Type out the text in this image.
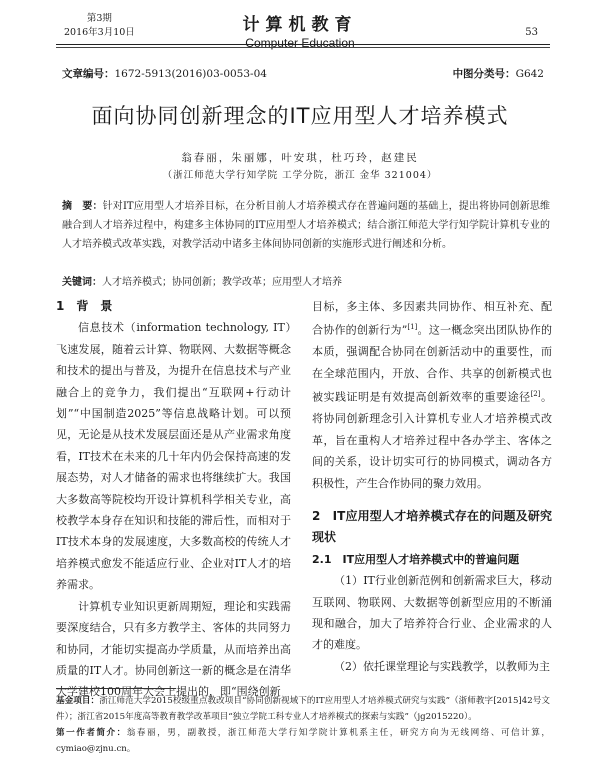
第3期
2016年3月10日	计算机教育
Computer Education
53
文章编号：1672-5913(2016)03-0053-04	中图分类号：G642
面向协同创新理念的IT应用型人才培养模式
翁春丽，朱丽娜，叶安琪，杜巧玲，赵建民
（浙江师范大学行知学院 工学分院，浙江 金华 321004）
摘　要：针对IT应用型人才培养目标，在分析目前人才培养模式存在普遍问题的基础上，提出将协同创新思维融合到人才培养过程中，构建多主体协同的IT应用型人才培养模式；结合浙江师范大学行知学院计算机专业的人才培养模式改革实践，对教学活动中诸多主体间协同创新的实施形式进行阐述和分析。
关键词：人才培养模式；协同创新；教学改革；应用型人才培养

1　背　景

信息技术（information technology, IT）飞速发展，随着云计算、物联网、大数据等概念和技术的提出与普及，为提升在信息技术与产业融合上的竞争力，我们提出“互联网+行动计划”“中国制造2025”等信息战略计划。可以预见，无论是从技术发展层面还是从产业需求角度看，IT技术在未来的几十年内仍会保持高速的发展态势，对人才储备的需求也将继续扩大。我国大多数高等院校均开设计算机科学相关专业，高校教学本身存在知识和技能的滞后性，而相对于IT技术本身的发展速度，大多数高校的传统人才培养模式愈发不能适应行业、企业对IT人才的培养需求。

计算机专业知识更新周期短，理论和实践需要深度结合，只有多方教学主、客体的共同努力和协同，才能切实提高办学质量，从而培养出高质量的IT人才。协同创新这一新的概念是在清华大学建校100周年大会上提出的，即“围绕创新

目标，多主体、多因素共同协作、相互补充、配合协作的创新行为”[1]。这一概念突出团队协作的本质，强调配合协同在创新活动中的重要性，而在全球范围内，开放、合作、共享的创新模式也被实践证明是有效提高创新效率的重要途径[2]。将协同创新理念引入计算机专业人才培养模式改革，旨在重构人才培养过程中各办学主、客体之间的关系，设计切实可行的协同模式，调动各方积极性，产生合作协同的聚力效用。

2　IT应用型人才培养模式存在的问题及研究现状

2.1　IT应用型人才培养模式中的普遍问题

（1）IT行业创新范例和创新需求巨大，移动互联网、物联网、大数据等创新型应用的不断涌现和融合，加大了培养符合行业、企业需求的人才的难度。

（2）依托课堂理论与实践教学，以教师为主

基金项目：浙江师范大学2015校级重点教改项目“协同创新视域下的IT应用型人才培养模式研究与实践”（浙师教字[2015]42号文件）；浙江省2015年度高等教育教学改革项目“独立学院工科专业人才培养模式的探索与实践”（jg2015220）。
第一作者简介：翁春丽，男，副教授，浙江师范大学行知学院计算机系主任，研究方向为无线网络、可信计算，cymiao@zjnu.cn。
